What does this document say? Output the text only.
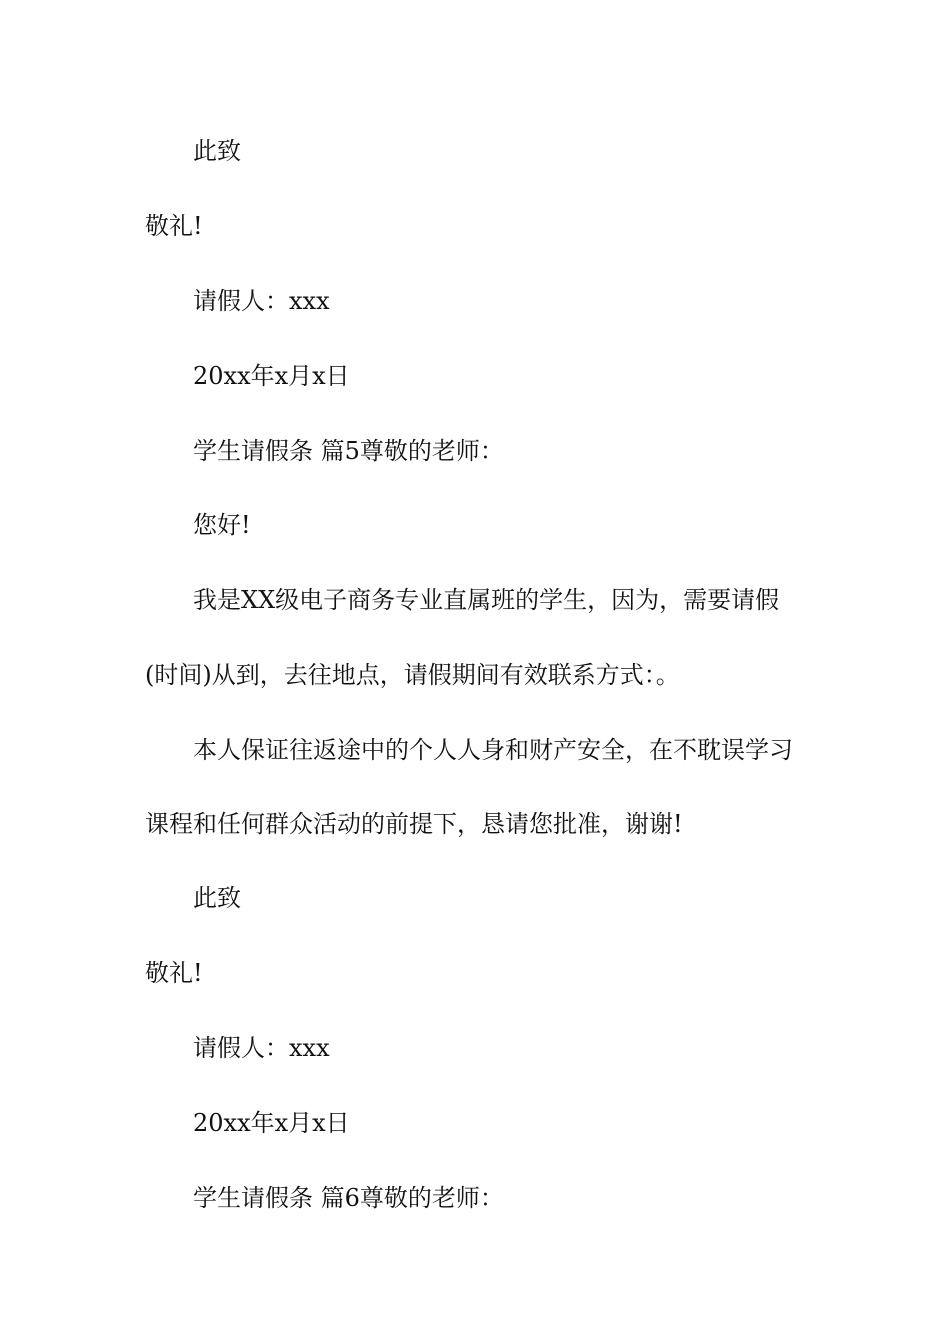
此致
敬礼!
请假人：xxx
20xx年x月x日
学生请假条 篇5尊敬的老师：
您好!
我是XX级电子商务专业直属班的学生，因为，需要请假
(时间)从到，去往地点，请假期间有效联系方式：。
本人保证往返途中的个人人身和财产安全，在不耽误学习
课程和任何群众活动的前提下，恳请您批准，谢谢!
此致
敬礼!
请假人：xxx
20xx年x月x日
学生请假条 篇6尊敬的老师：
